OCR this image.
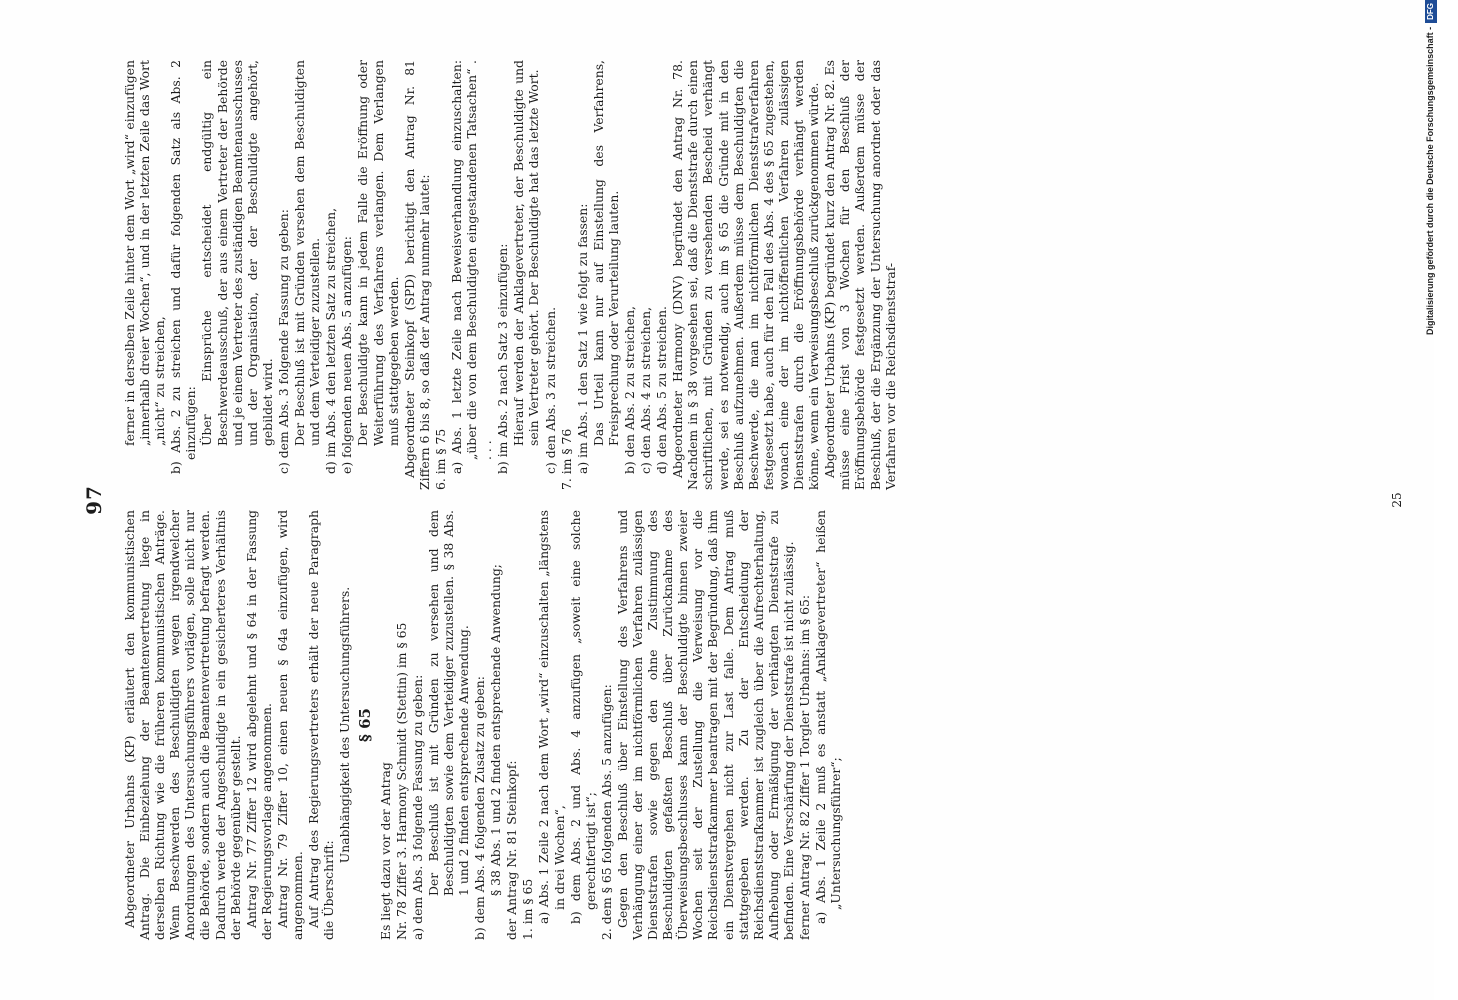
97

Abgeordneter Urbahns (KP) erläutert den kommunistischen Antrag. Die Einbeziehung der Beamtenvertretung liege in derselben Richtung wie die früheren kommunistischen Anträge. Wenn Beschwerden des Beschuldigten wegen irgendwelcher Anordnungen des Untersuchungsführers vorlägen, solle nicht nur die Behörde, sondern auch die Beamtenvertretung befragt werden. Dadurch werde der Angeschuldigte in ein gesicherteres Verhältnis der Behörde gegenüber gestellt. Antrag Nr. 77 Ziffer 12 wird abgelehnt und § 64 in der Fassung der Regierungsvorlage angenommen. Antrag Nr. 79 Ziffer 10, einen neuen § 64a einzufügen, wird angenommen. Auf Antrag des Regierungsvertreters erhält der neue Paragraph die Überschrift:

Unabhängigkeit des Untersuchungsführers. § 65

Es liegt dazu vor der Antrag Nr. 78 Ziffer 3. Harmony Schmidt (Stettin) im § 65 a) dem Abs. 3 folgende Fassung zu geben: Der Beschluß ist mit Gründen zu versehen und dem Beschuldigten sowie dem Verteidiger zuzustellen. § 38 Abs. 1 und 2 finden entsprechende Anwendung. b) dem Abs. 4 folgenden Zusatz zu geben: § 38 Abs. 1 und 2 finden entsprechende Anwendung; der Antrag Nr. 81 Steinkopf: 1. im § 65 a) Abs. 1 Zeile 2 nach dem Wort „wird“ einzuschalten „längstens in drei Wochen“, b) dem Abs. 2 und Abs. 4 anzufügen „soweit eine solche gerechtfertigt ist“; 2. dem § 65 folgenden Abs. 5 anzufügen: Gegen den Beschluß über Einstellung des Verfahrens und Verhängung einer der im nichtförmlichen Verfahren zulässigen Dienststrafen sowie gegen den ohne Zustimmung des Beschuldigten gefaßten Beschluß über Zurücknahme des Überweisungsbeschlusses kann der Beschuldigte binnen zweier Wochen seit der Zustellung die Verweisung vor die Reichsdienststrafkammer beantragen mit der Begründung, daß ihm ein Dienstvergehen nicht zur Last falle. Dem Antrag muß stattgegeben werden. Zu der Entscheidung der Reichsdienststrafkammer ist zugleich über die Aufrechterhaltung, Aufhebung oder Ermäßigung der verhängten Dienststrafe zu befinden. Eine Verschärfung der Dienststrafe ist nicht zulässig. ferner Antrag Nr. 82 Ziffer 1 Torgler Urbahns: im § 65: a) Abs. 1 Zeile 2 muß es anstatt „Anklagevertreter“ heißen „Untersuchungsführer“;

ferner in derselben Zeile hinter dem Wort „wird“ einzufügen „innerhalb dreier Wochen“, und in der letzten Zeile das Wort „nicht“ zu streichen, b) Abs. 2 zu streichen und dafür folgenden Satz als Abs. 2 einzufügen: Über Einsprüche entscheidet endgültig ein Beschwerdeausschuß, der aus einem Vertreter der Behörde und je einem Vertreter des zuständigen Beamtenausschusses und der Organisation, der der Beschuldigte angehört, gebildet wird. c) dem Abs. 3 folgende Fassung zu geben: Der Beschluß ist mit Gründen versehen dem Beschuldigten und dem Verteidiger zuzustellen. d) im Abs. 4 den letzten Satz zu streichen, e) folgenden neuen Abs. 5 anzufügen: Der Beschuldigte kann in jedem Falle die Eröffnung oder Weiterführung des Verfahrens verlangen. Dem Verlangen muß stattgegeben werden. Abgeordneter Steinkopf (SPD) berichtigt den Antrag Nr. 81 Ziffern 6 bis 8, so daß der Antrag nunmehr lautet: 6. im § 75 a) Abs. 1 letzte Zeile nach Beweisverhandlung einzuschalten: „über die von dem Beschuldigten eingestandenen Tatsachen“ . . . . b) im Abs. 2 nach Satz 3 einzufügen: Hierauf werden der Anklagevertreter, der Beschuldigte und sein Vertreter gehört. Der Beschuldigte hat das letzte Wort. c) den Abs. 3 zu streichen. 7. im § 76 a) im Abs. 1 den Satz 1 wie folgt zu fassen: Das Urteil kann nur auf Einstellung des Verfahrens, Freisprechung oder Verurteilung lauten. b) den Abs. 2 zu streichen, c) den Abs. 4 zu streichen, d) den Abs. 5 zu streichen. Abgeordneter Harmony (DNV) begründet den Antrag Nr. 78. Nachdem in § 38 vorgesehen sei, daß die Dienststrafe durch einen schriftlichen, mit Gründen zu versehenden Bescheid verhängt werde, sei es notwendig, auch im § 65 die Gründe mit in den Beschluß aufzunehmen. Außerdem müsse dem Beschuldigten die Beschwerde, die man im nichtförmlichen Dienststrafverfahren festgesetzt habe, auch für den Fall des Abs. 4 des § 65 zugestehen, wonach eine der im nichtöffentlichen Verfahren zulässigen Dienststrafen durch die Eröffnungsbehörde verhängt werden könne, wenn ein Verweisungsbeschluß zurückgenommen würde. Abgeordneter Urbahns (KP) begründet kurz den Antrag Nr. 82. Es müsse eine Frist von 3 Wochen für den Beschluß der Eröffnungsbehörde festgesetzt werden. Außerdem müsse der Beschluß, der die Ergänzung der Untersuchung anordnet oder das Verfahren vor die Reichsdienststraf-

25
Digitalisierung gefördert durch die Deutsche Forschungsgemeinschaft -DFG
